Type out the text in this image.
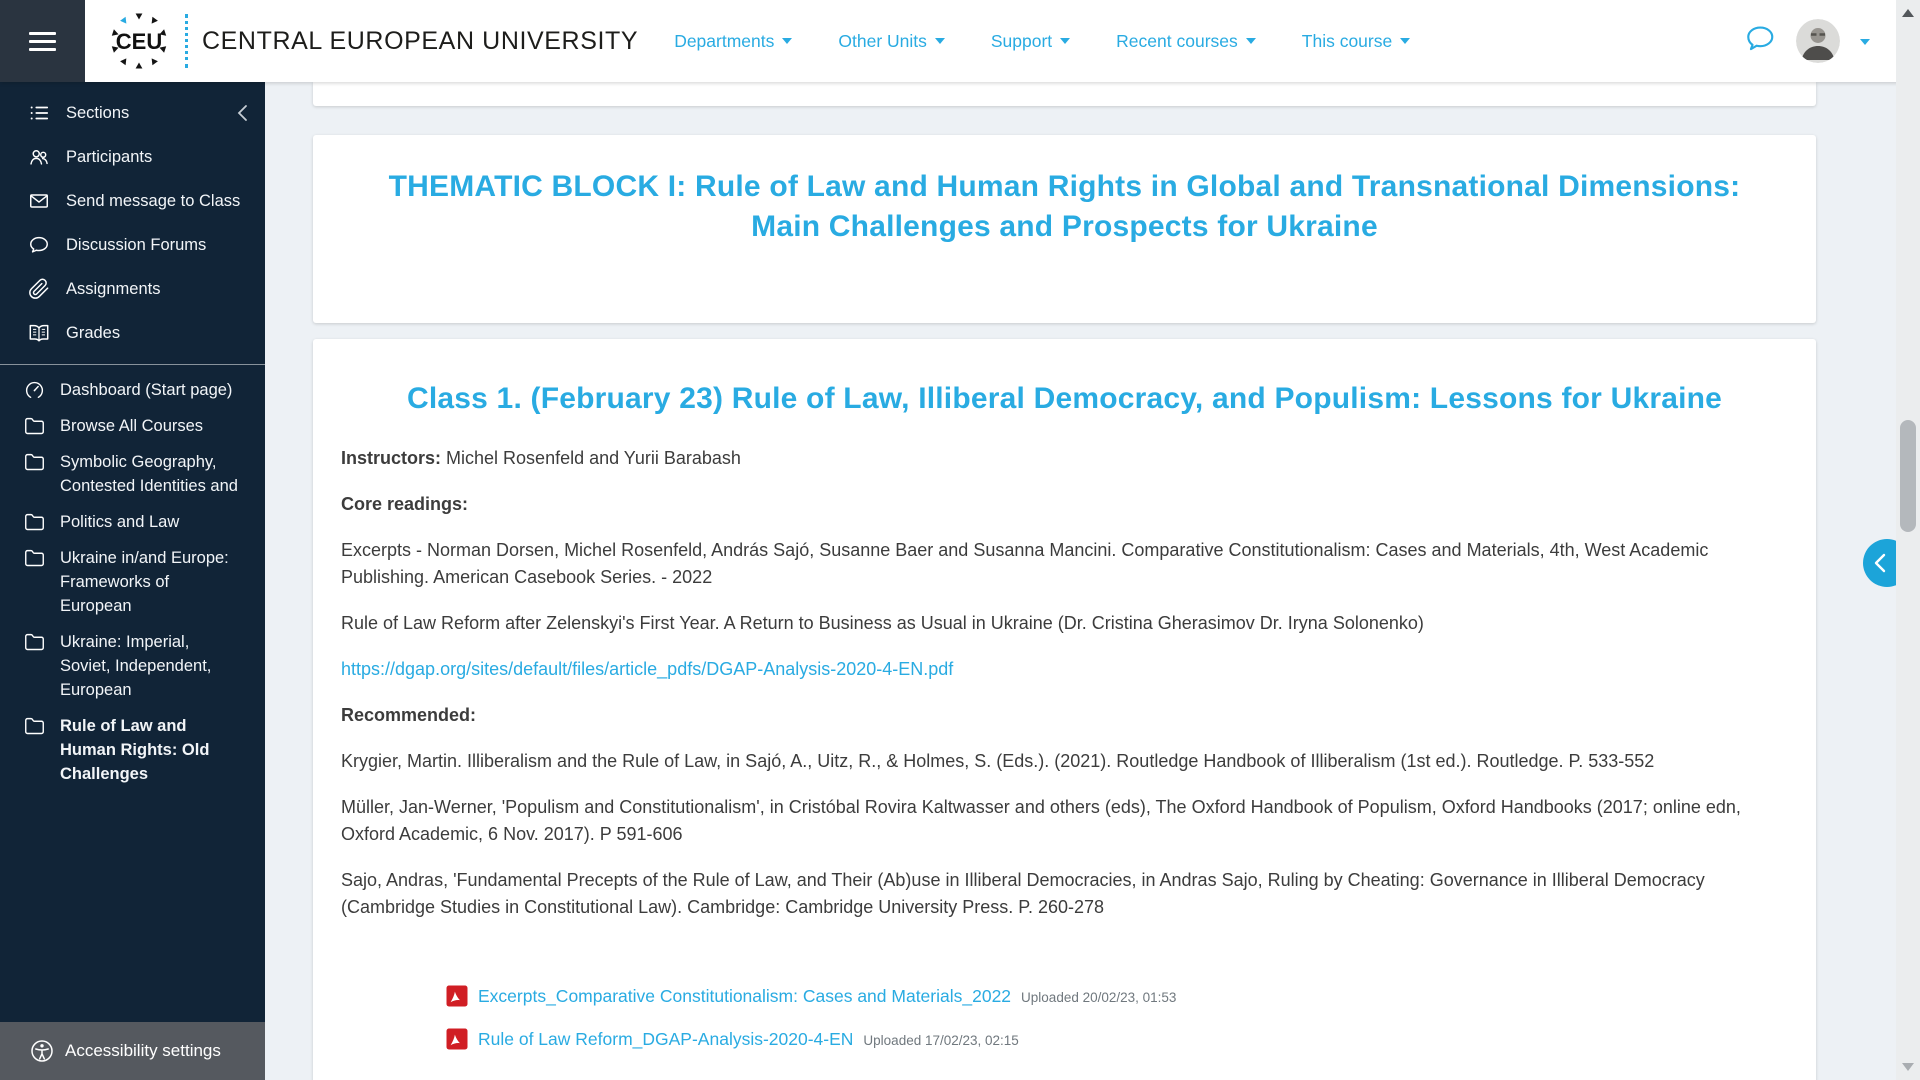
CEU CENTRAL EUROPEAN UNIVERSITY Departments	Other Units	Support	Recent courses	This course
Sections
Participants
Send message to Class
Discussion Forums
Assignments
Grades
Dashboard (Start page)
Browse All Courses
Symbolic Geography, Contested Identities and
Politics and Law
Ukraine in/and Europe: Frameworks of European
Ukraine: Imperial, Soviet, Independent, European
Rule of Law and Human Rights: Old Challenges
Accessibility settings
THEMATIC BLOCK I: Rule of Law and Human Rights in Global and Transnational Dimensions: Main Challenges and Prospects for Ukraine
Class 1. (February 23) Rule of Law, Illiberal Democracy, and Populism: Lessons for Ukraine

Instructors: Michel Rosenfeld and Yurii Barabash

Core readings:

Excerpts - Norman Dorsen, Michel Rosenfeld, András Sajó, Susanne Baer and Susanna Mancini. Comparative Constitutionalism: Cases and Materials, 4th, West Academic Publishing. American Casebook Series. - 2022

Rule of Law Reform after Zelenskyi's First Year. A Return to Business as Usual in Ukraine (Dr. Cristina Gherasimov Dr. Iryna Solonenko)

https://dgap.org/sites/default/files/article_pdfs/DGAP-Analysis-2020-4-EN.pdf

Recommended:

Krygier, Martin. Illiberalism and the Rule of Law, in Sajó, A., Uitz, R., & Holmes, S. (Eds.). (2021). Routledge Handbook of Illiberalism (1st ed.). Routledge. P. 533-552

Müller, Jan-Werner, 'Populism and Constitutionalism', in Cristóbal Rovira Kaltwasser and others (eds), The Oxford Handbook of Populism, Oxford Handbooks (2017; online edn, Oxford Academic, 6 Nov. 2017). P 591-606

Sajo, Andras, 'Fundamental Precepts of the Rule of Law, and Their (Ab)use in Illiberal Democracies, in Andras Sajo, Ruling by Cheating: Governance in Illiberal Democracy (Cambridge Studies in Constitutional Law). Cambridge: Cambridge University Press. P. 260-278

Excerpts_Comparative Constitutionalism: Cases and Materials_2022 Uploaded 20/02/23, 01:53
Rule of Law Reform_DGAP-Analysis-2020-4-EN Uploaded 17/02/23, 02:15
